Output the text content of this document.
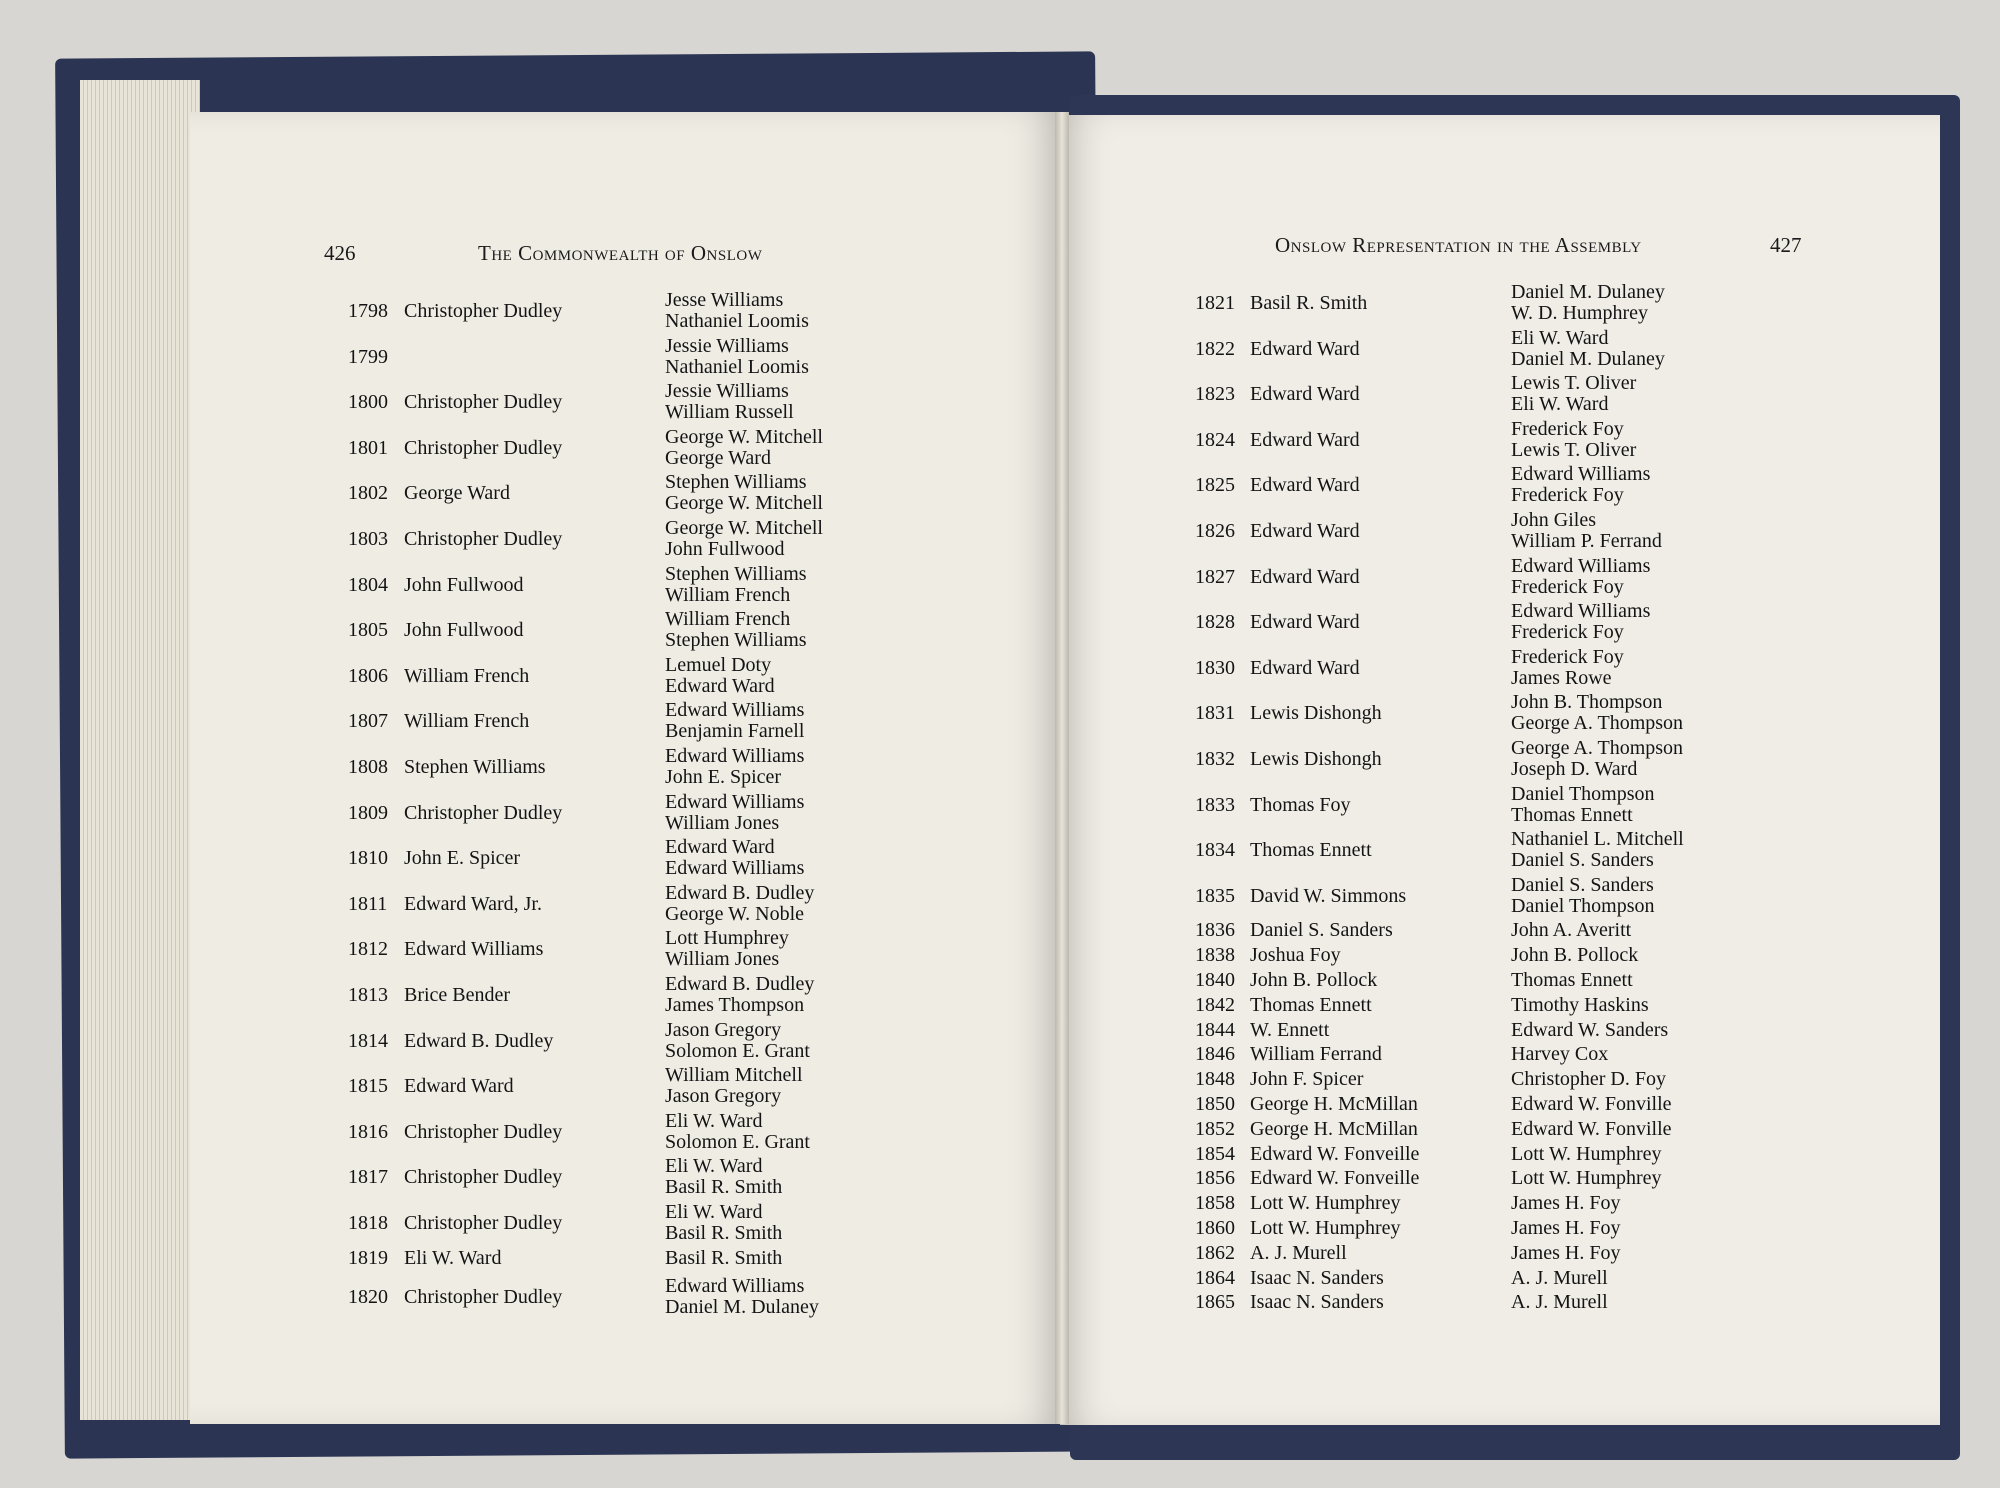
426	The Commonwealth of Onslow	Onslow Representation in the Assembly	427
1798 Christopher Dudley	Jesse Williams
Nathaniel Loomis
1799	Jessie Williams
Nathaniel Loomis
1800 Christopher Dudley	Jessie Williams
William Russell
1801 Christopher Dudley	George W. Mitchell
George Ward
1802 George Ward	Stephen Williams
George W. Mitchell
1803 Christopher Dudley	George W. Mitchell
John Fullwood
1804 John Fullwood	Stephen Williams
William French
1805 John Fullwood	William French
Stephen Williams
1806 William French	Lemuel Doty
Edward Ward
1807 William French	Edward Williams
Benjamin Farnell
1808 Stephen Williams	Edward Williams
John E. Spicer
1809 Christopher Dudley	Edward Williams
William Jones
1810 John E. Spicer	Edward Ward
Edward Williams
1811 Edward Ward, Jr.	Edward B. Dudley
George W. Noble
1812 Edward Williams	Lott Humphrey
William Jones
1813 Brice Bender	Edward B. Dudley
James Thompson
1814 Edward B. Dudley	Jason Gregory
Solomon E. Grant
1815 Edward Ward	William Mitchell
Jason Gregory
1816 Christopher Dudley	Eli W. Ward
Solomon E. Grant
1817 Christopher Dudley	Eli W. Ward
Basil R. Smith
1818 Christopher Dudley	Eli W. Ward
Basil R. Smith
1819 Eli W. Ward	Basil R. Smith
1820 Christopher Dudley	Edward Williams
Daniel M. Dulaney
1821 Basil R. Smith	Daniel M. Dulaney
W. D. Humphrey
1822 Edward Ward	Eli W. Ward
Daniel M. Dulaney
1823 Edward Ward	Lewis T. Oliver
Eli W. Ward
1824 Edward Ward	Frederick Foy
Lewis T. Oliver
1825 Edward Ward	Edward Williams
Frederick Foy
1826 Edward Ward	John Giles
William P. Ferrand
1827 Edward Ward	Edward Williams
Frederick Foy
1828 Edward Ward	Edward Williams
Frederick Foy
1830 Edward Ward	Frederick Foy
James Rowe
1831 Lewis Dishongh	John B. Thompson
George A. Thompson
1832 Lewis Dishongh	George A. Thompson
Joseph D. Ward
1833 Thomas Foy	Daniel Thompson
Thomas Ennett
1834 Thomas Ennett	Nathaniel L. Mitchell
Daniel S. Sanders
1835 David W. Simmons	Daniel S. Sanders
Daniel Thompson
1836 Daniel S. Sanders	John A. Averitt
1838 Joshua Foy	John B. Pollock
1840 John B. Pollock	Thomas Ennett
1842 Thomas Ennett	Timothy Haskins
1844 W. Ennett	Edward W. Sanders
1846 William Ferrand	Harvey Cox
1848 John F. Spicer	Christopher D. Foy
1850 George H. McMillan	Edward W. Fonville
1852 George H. McMillan	Edward W. Fonville
1854 Edward W. Fonveille	Lott W. Humphrey
1856 Edward W. Fonveille	Lott W. Humphrey
1858 Lott W. Humphrey	James H. Foy
1860 Lott W. Humphrey	James H. Foy
1862 A. J. Murell	James H. Foy
1864 Isaac N. Sanders	A. J. Murell
1865 Isaac N. Sanders	A. J. Murell
